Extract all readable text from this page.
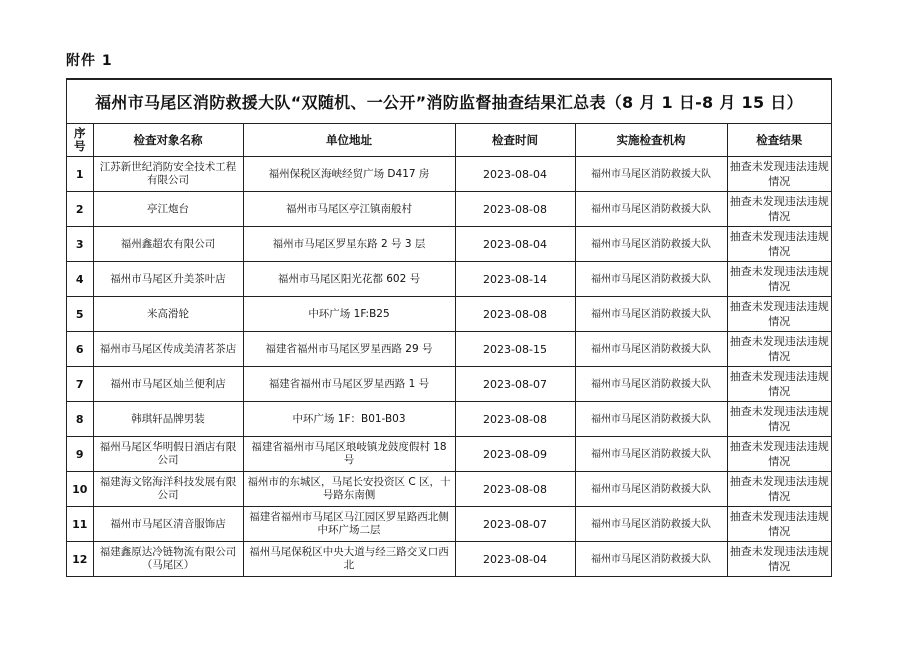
附件 1
福州市马尾区消防救援大队“双随机、一公开”消防监督抽查结果汇总表（8 月 1 日-8 月 15 日）
序号	检查对象名称	单位地址	检查时间	实施检查机构	检查结果
1	江苏新世纪消防安全技术工程有限公司	福州保税区海峡经贸广场 D417 房	2023-08-04	福州市马尾区消防救援大队	抽查未发现违法违规情况
2	亭江炮台	福州市马尾区亭江镇南般村	2023-08-08	福州市马尾区消防救援大队	抽查未发现违法违规情况
3	福州鑫超农有限公司	福州市马尾区罗星东路 2 号 3 层	2023-08-04	福州市马尾区消防救援大队	抽查未发现违法违规情况
4	福州市马尾区升美茶叶店	福州市马尾区阳光花都 602 号	2023-08-14	福州市马尾区消防救援大队	抽查未发现违法违规情况
5	米高滑轮	中环广场 1F:B25	2023-08-08	福州市马尾区消防救援大队	抽查未发现违法违规情况
6	福州市马尾区传成美清茗茶店	福建省福州市马尾区罗星西路 29 号	2023-08-15	福州市马尾区消防救援大队	抽查未发现违法违规情况
7	福州市马尾区灿兰便利店	福建省福州市马尾区罗星西路 1 号	2023-08-07	福州市马尾区消防救援大队	抽查未发现违法违规情况
8	韩琪轩品牌男装	中环广场 1F：B01-B03	2023-08-08	福州市马尾区消防救援大队	抽查未发现违法违规情况
9	福州马尾区华明假日酒店有限公司	福建省福州市马尾区琅岐镇龙鼓度假村 18 号	2023-08-09	福州市马尾区消防救援大队	抽查未发现违法违规情况
10	福建海文铭海洋科技发展有限公司	福州市的东城区，马尾长安投资区 C 区，十号路东南侧	2023-08-08	福州市马尾区消防救援大队	抽查未发现违法违规情况
11	福州市马尾区清音服饰店	福建省福州市马尾区马江园区罗星路西北侧中环广场二层	2023-08-07	福州市马尾区消防救援大队	抽查未发现违法违规情况
12	福建鑫原达冷链物流有限公司（马尾区）	福州马尾保税区中央大道与经三路交叉口西北	2023-08-04	福州市马尾区消防救援大队	抽查未发现违法违规情况
